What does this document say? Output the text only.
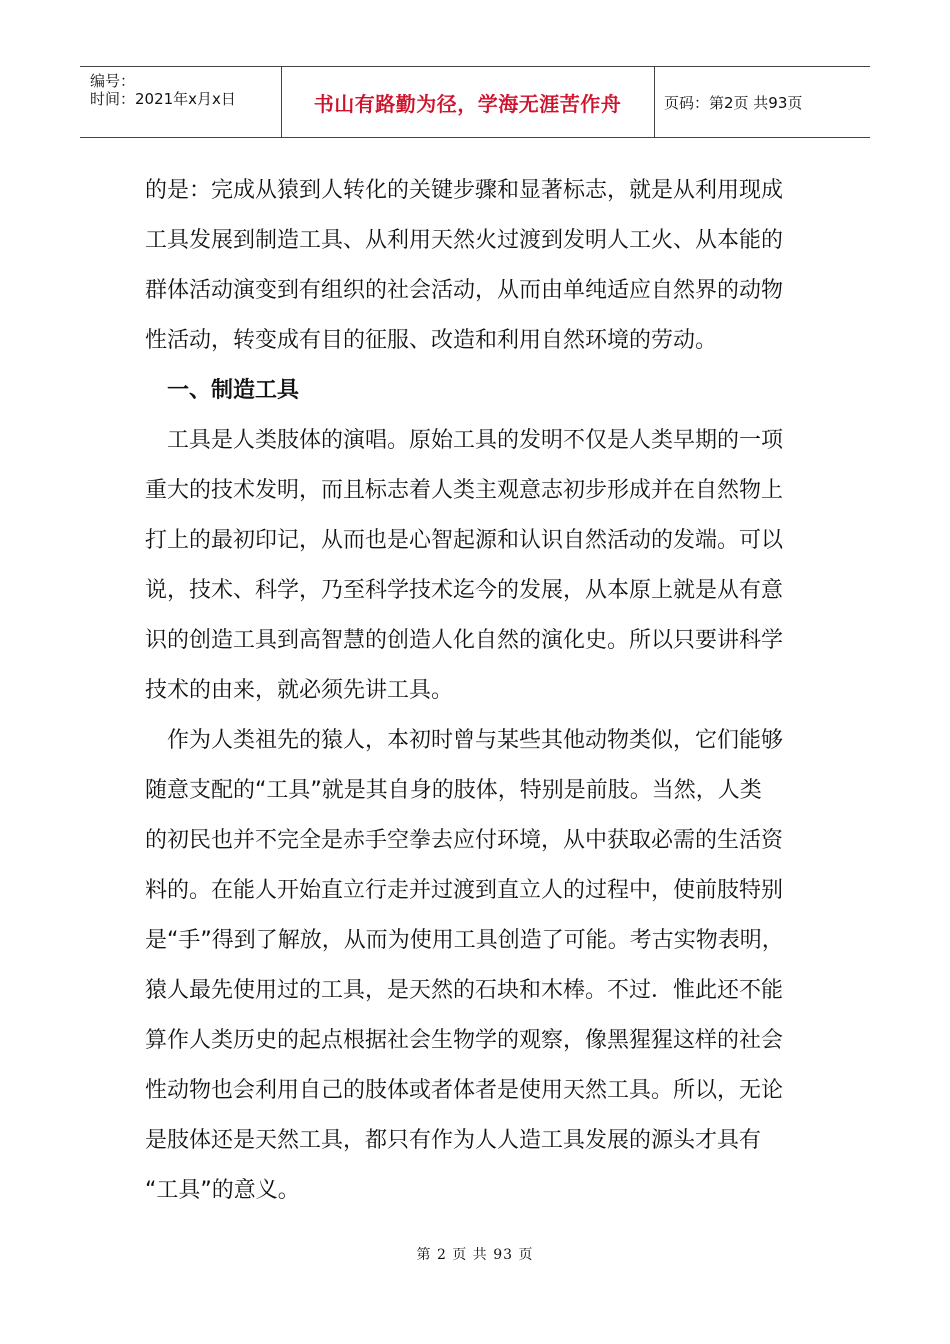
编号：
时间：2021年x月x日	书山有路勤为径，学海无涯苦作舟	页码：第2页 共93页
的是：完成从猿到人转化的关键步骤和显著标志，就是从利用现成
工具发展到制造工具、从利用天然火过渡到发明人工火、从本能的
群体活动演变到有组织的社会活动，从而由单纯适应自然界的动物
性活动，转变成有目的征服、改造和利用自然环境的劳动。
　一、制造工具
　工具是人类肢体的演唱。原始工具的发明不仅是人类早期的一项
重大的技术发明，而且标志着人类主观意志初步形成并在自然物上
打上的最初印记，从而也是心智起源和认识自然活动的发端。可以
说，技术、科学，乃至科学技术迄今的发展，从本原上就是从有意
识的创造工具到高智慧的创造人化自然的演化史。所以只要讲科学
技术的由来，就必须先讲工具。
　作为人类祖先的猿人，本初时曾与某些其他动物类似，它们能够
随意支配的“工具”就是其自身的肢体，特别是前肢。当然，人类
的初民也并不完全是赤手空拳去应付环境，从中获取必需的生活资
料的。在能人开始直立行走并过渡到直立人的过程中，使前肢特别
是“手”得到了解放，从而为使用工具创造了可能。考古实物表明，
猿人最先使用过的工具，是天然的石块和木棒。不过．惟此还不能
算作人类历史的起点根据社会生物学的观察，像黑猩猩这样的社会
性动物也会利用自己的肢体或者体者是使用天然工具。所以，无论
是肢体还是天然工具，都只有作为人人造工具发展的源头才具有
“工具”的意义。
第 2 页 共 93 页
